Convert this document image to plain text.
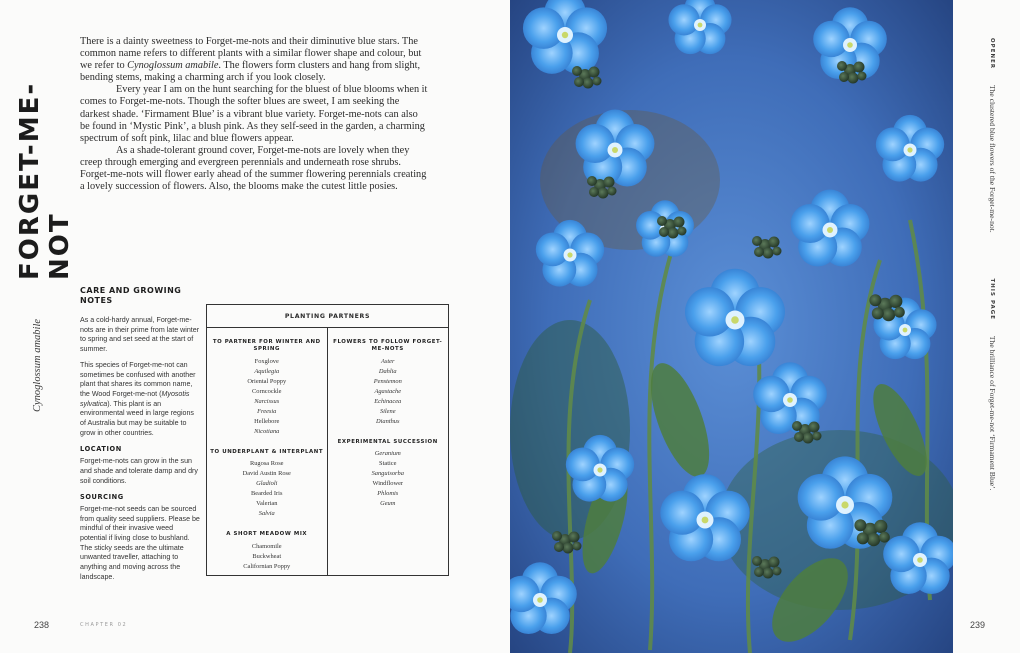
FORGET-ME-NOT
Cynoglossum amabile

There is a dainty sweetness to Forget-me-nots and their diminutive blue stars. The common name refers to different plants with a similar flower shape and colour, but we refer to Cynoglossum amabile. The flowers form clusters and hang from slight, bending stems, making a charming arch if you look closely.

Every year I am on the hunt searching for the bluest of blue blooms when it comes to Forget-me-nots. Though the softer blues are sweet, I am seeking the darkest shade. ‘Firmament Blue’ is a vibrant blue variety. Forget-me-nots can also be found in ‘Mystic Pink’, a blush pink. As they self-seed in the garden, a charming spectrum of soft pink, lilac and blue flowers appear.

As a shade-tolerant ground cover, Forget-me-nots are lovely when they creep through emerging and evergreen perennials and underneath rose shrubs. Forget-me-nots will flower early ahead of the summer flowering perennials creating a lovely succession of flowers. Also, the blooms make the cutest little posies.

CARE AND GROWING NOTES

As a cold-hardy annual, Forget-me-nots are in their prime from late winter to spring and set seed at the start of summer.

This species of Forget-me-not can sometimes be confused with another plant that shares its common name, the Wood Forget-me-not (Myosotis sylvatica). This plant is an environmental weed in large regions of Australia but may be suitable to grow in other countries.

LOCATION

Forget-me-nots can grow in the sun and shade and tolerate damp and dry soil conditions.

SOURCING

Forget-me-not seeds can be sourced from quality seed suppliers. Please be mindful of their invasive weed potential if living close to bushland. The sticky seeds are the ultimate unwanted traveller, attaching to anything and moving across the landscape.

PLANTING PARTNERS
TO PARTNER FOR WINTER AND SPRING
Foxglove
Aquilegia
Oriental Poppy
Corncockle
Narcissus
Freesia
Hellebore
Nicotiana
TO UNDERPLANT & INTERPLANT
Rugosa Rose
David Austin Rose
Gladioli
Bearded Iris
Valerian
Salvia
A SHORT MEADOW MIX
Chamomile
Buckwheat
Californian Poppy
FLOWERS TO FOLLOW FORGET-ME-NOTS
Aster
Dahlia
Penstemon
Agastache
Echinacea
Silene
Dianthus
EXPERIMENTAL SUCCESSION
Geranium
Statice
Sanguisorba
Windflower
Phlomis
Geum
238	CHAPTER 02
OPENER  The clustered blue flowers of the Forget-me-not.  THIS PAGE  The brilliance of Forget-me-not ‘Firmament Blue’.
239
